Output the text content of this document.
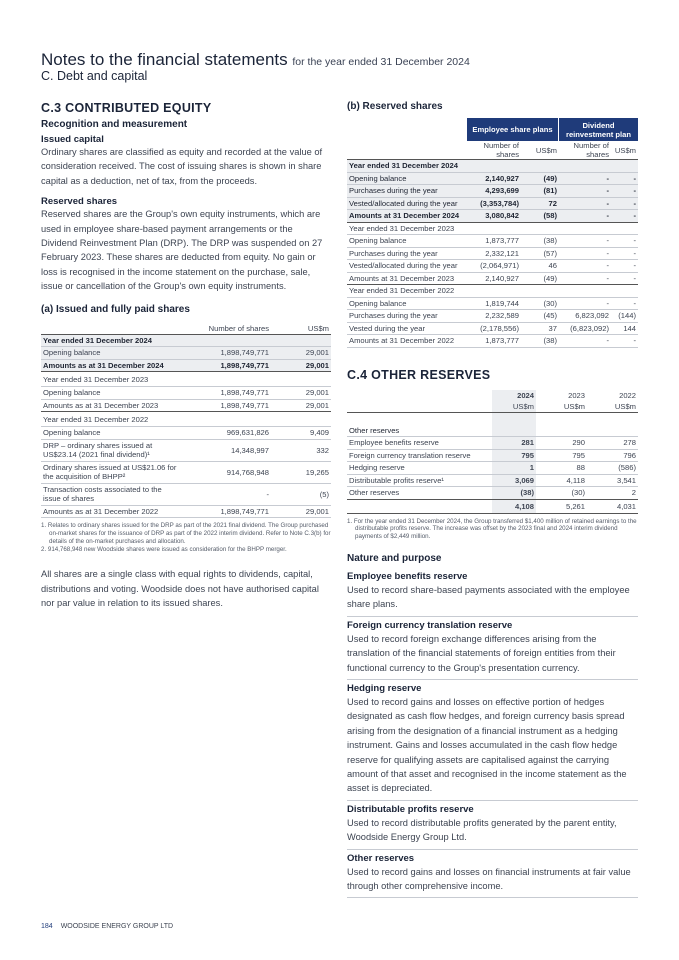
Notes to the financial statements for the year ended 31 December 2024
C. Debt and capital
C.3 CONTRIBUTED EQUITY
Recognition and measurement
Issued capital

Ordinary shares are classified as equity and recorded at the value of consideration received. The cost of issuing shares is shown in share capital as a deduction, net of tax, from the proceeds.

Reserved shares

Reserved shares are the Group's own equity instruments, which are used in employee share-based payment arrangements or the Dividend Reinvestment Plan (DRP). The DRP was suspended on 27 February 2023. These shares are deducted from equity. No gain or loss is recognised in the income statement on the purchase, sale, issue or cancellation of the Group's own equity instruments.

(a) Issued and fully paid shares
	Number of shares	US$m
Year ended 31 December 2024		
Opening balance	1,898,749,771	29,001
Amounts as at 31 December 2024	1,898,749,771	29,001
Year ended 31 December 2023		
Opening balance	1,898,749,771	29,001
Amounts as at 31 December 2023	1,898,749,771	29,001
Year ended 31 December 2022		
Opening balance	969,631,826	9,409
DRP – ordinary shares issued at US$23.14 (2021 final dividend)¹	14,348,997	332
Ordinary shares issued at US$21.06 for the acquisition of BHPP²	914,768,948	19,265
Transaction costs associated to the issue of shares	-	(5)
Amounts as at 31 December 2022	1,898,749,771	29,001
1. Relates to ordinary shares issued for the DRP as part of the 2021 final dividend. The Group purchased on-market shares for the issuance of DRP as part of the 2022 interim dividend. Refer to Note C.3(b) for details of the on-market purchases and allocation.
2. 914,768,948 new Woodside shares were issued as consideration for the BHPP merger.

All shares are a single class with equal rights to dividends, capital, distributions and voting. Woodside does not have authorised capital nor par value in relation to its issued shares.

(b) Reserved shares
Employee share plans	Dividend reinvestment plan
	Number of shares	US$m	Number of shares	US$m
Year ended 31 December 2024				
Opening balance	2,140,927	(49)	-	-
Purchases during the year	4,293,699	(81)	-	-
Vested/allocated during the year	(3,353,784)	72	-	-
Amounts at 31 December 2024	3,080,842	(58)	-	-
Year ended 31 December 2023				
Opening balance	1,873,777	(38)	-	-
Purchases during the year	2,332,121	(57)	-	-
Vested/allocated during the year	(2,064,971)	46	-	-
Amounts at 31 December 2023	2,140,927	(49)	-	-
Year ended 31 December 2022				
Opening balance	1,819,744	(30)	-	-
Purchases during the year	2,232,589	(45)	6,823,092	(144)
Vested during the year	(2,178,556)	37	(6,823,092)	144
Amounts at 31 December 2022	1,873,777	(38)	-	-
C.4 OTHER RESERVES
	2024	2023	2022
	US$m	US$m	US$m

Other reserves			
Employee benefits reserve	281	290	278
Foreign currency translation reserve	795	795	796
Hedging reserve	1	88	(586)
Distributable profits reserve¹	3,069	4,118	3,541
Other reserves	(38)	(30)	2
	4,108	5,261	4,031
1. For the year ended 31 December 2024, the Group transferred $1,400 million of retained earnings to the distributable profits reserve. The increase was offset by the 2023 final and 2024 interim dividend payments of $2,449 million.
Nature and purpose
Employee benefits reserve

Used to record share-based payments associated with the employee share plans.

Foreign currency translation reserve

Used to record foreign exchange differences arising from the translation of the financial statements of foreign entities from their functional currency to the Group's presentation currency.

Hedging reserve

Used to record gains and losses on effective portion of hedges designated as cash flow hedges, and foreign currency basis spread arising from the designation of a financial instrument as a hedging instrument. Gains and losses accumulated in the cash flow hedge reserve for qualifying assets are capitalised against the carrying amount of that asset and recognised in the income statement as the asset is depreciated.

Distributable profits reserve

Used to record distributable profits generated by the parent entity, Woodside Energy Group Ltd.

Other reserves

Used to record gains and losses on financial instruments at fair value through other comprehensive income.

184 WOODSIDE ENERGY GROUP LTD
